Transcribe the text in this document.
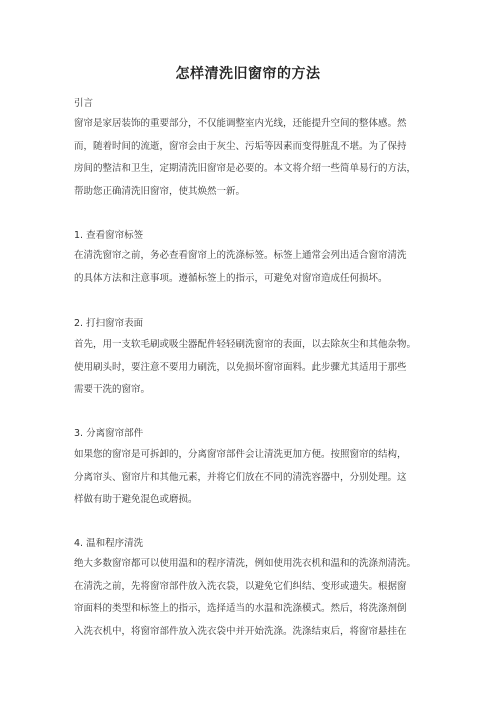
怎样清洗旧窗帘的方法
引言
窗帘是家居装饰的重要部分，不仅能调整室内光线，还能提升空间的整体感。然
而，随着时间的流逝，窗帘会由于灰尘、污垢等因素而变得脏乱不堪。为了保持
房间的整洁和卫生，定期清洗旧窗帘是必要的。本文将介绍一些简单易行的方法，
帮助您正确清洗旧窗帘，使其焕然一新。
1. 查看窗帘标签
在清洗窗帘之前，务必查看窗帘上的洗涤标签。标签上通常会列出适合窗帘清洗
的具体方法和注意事项。遵循标签上的指示，可避免对窗帘造成任何损坏。
2. 打扫窗帘表面
首先，用一支软毛刷或吸尘器配件轻轻刷洗窗帘的表面，以去除灰尘和其他杂物。
使用刷头时，要注意不要用力刷洗，以免损坏窗帘面料。此步骤尤其适用于那些
需要干洗的窗帘。
3. 分离窗帘部件
如果您的窗帘是可拆卸的，分离窗帘部件会让清洗更加方便。按照窗帘的结构，
分离帘头、窗帘片和其他元素，并将它们放在不同的清洗容器中，分别处理。这
样做有助于避免混色或磨损。
4. 温和程序清洗
绝大多数窗帘都可以使用温和的程序清洗，例如使用洗衣机和温和的洗涤剂清洗。
在清洗之前，先将窗帘部件放入洗衣袋，以避免它们纠结、变形或遗失。根据窗
帘面料的类型和标签上的指示，选择适当的水温和洗涤模式。然后，将洗涤剂倒
入洗衣机中，将窗帘部件放入洗衣袋中并开始洗涤。洗涤结束后，将窗帘悬挂在
